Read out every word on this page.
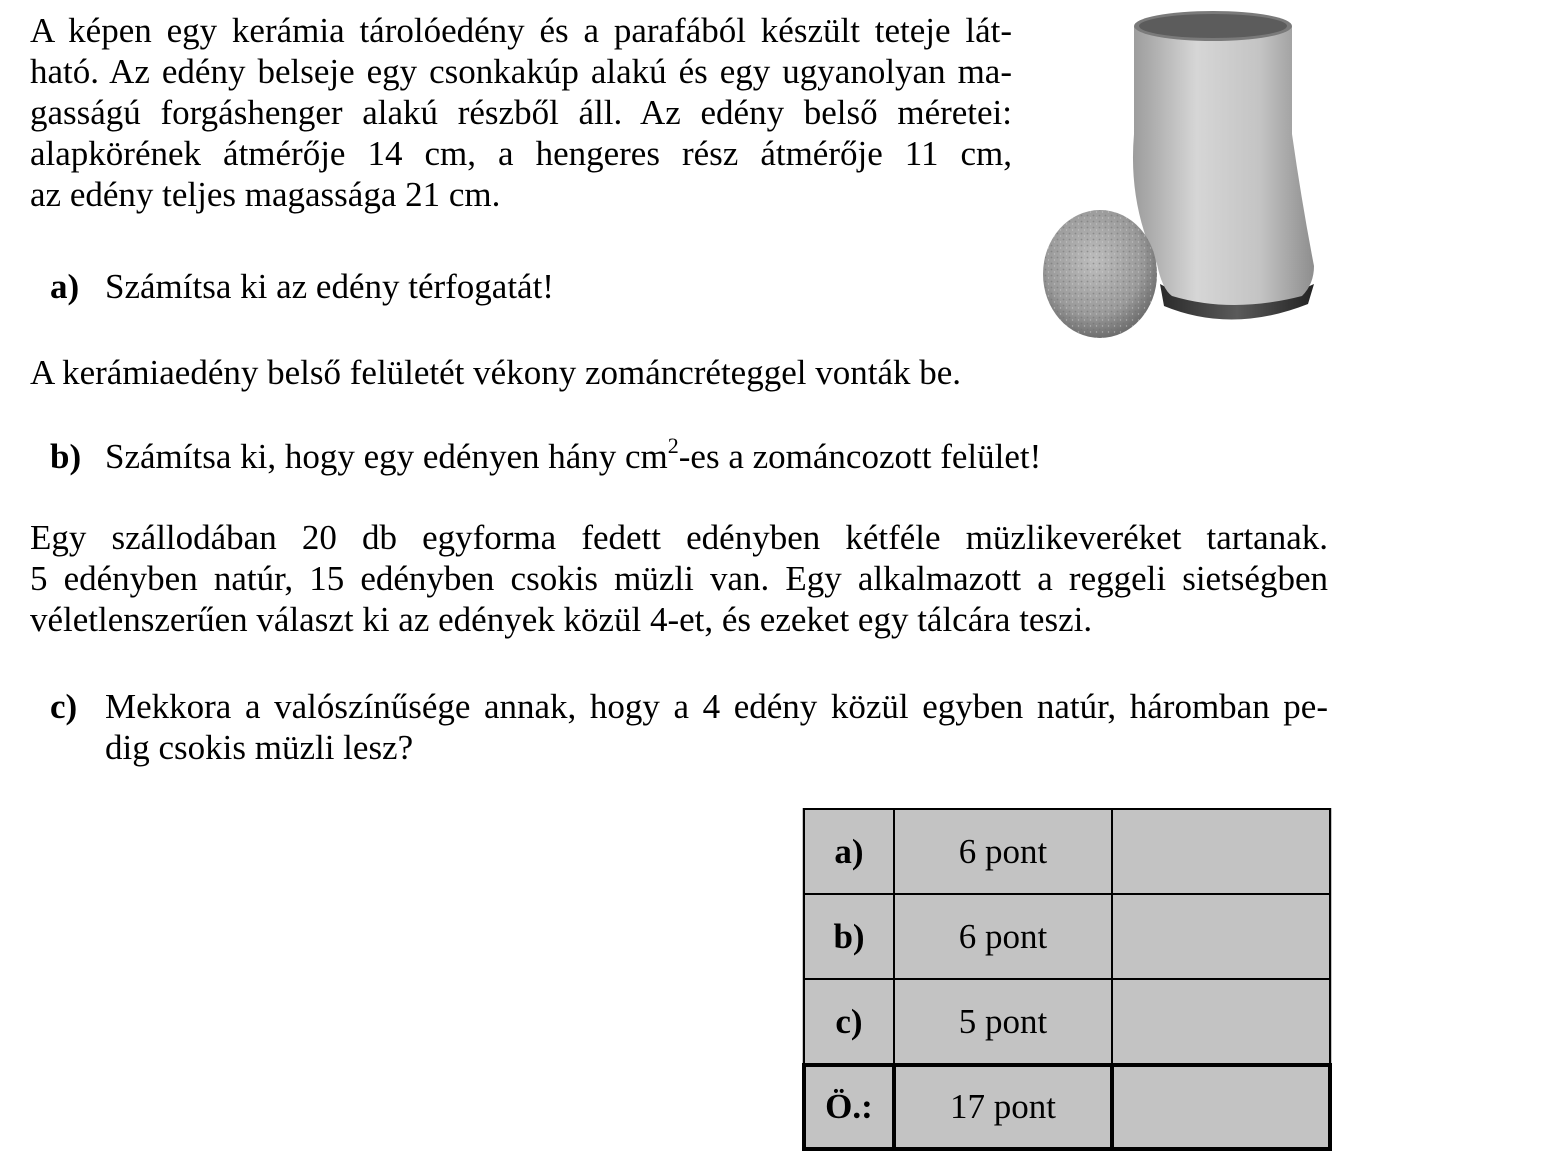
A képen egy kerámia tárolóedény és a parafából készült teteje lát-
ható. Az edény belseje egy csonkakúp alakú és egy ugyanolyan ma-
gasságú forgáshenger alakú részből áll. Az edény belső méretei:
alapkörének átmérője 14 cm, a hengeres rész átmérője 11 cm,
az edény teljes magassága 21 cm.

a) Számítsa ki az edény térfogatát!

A kerámiaedény belső felületét vékony zománcréteggel vonták be.

b) Számítsa ki, hogy egy edényen hány $cm^2-es$ a zománcozott felület!

Egy szállodában 20 db egyforma fedett edényben kétféle müzlikeveréket tartanak.
5 edényben natúr, 15 edényben csokis müzli van. Egy alkalmazott a reggeli sietségben
véletlenszerűen választ ki az edények közül 4-et, és ezeket egy tálcára teszi.

c) Mekkora a valószínűsége annak, hogy a 4 edény közül egyben natúr, háromban pe-
dig csokis müzli lesz?
a)	6 pont	
b)	6 pont	
c)	5 pont	
Ö.:	17 pont	
